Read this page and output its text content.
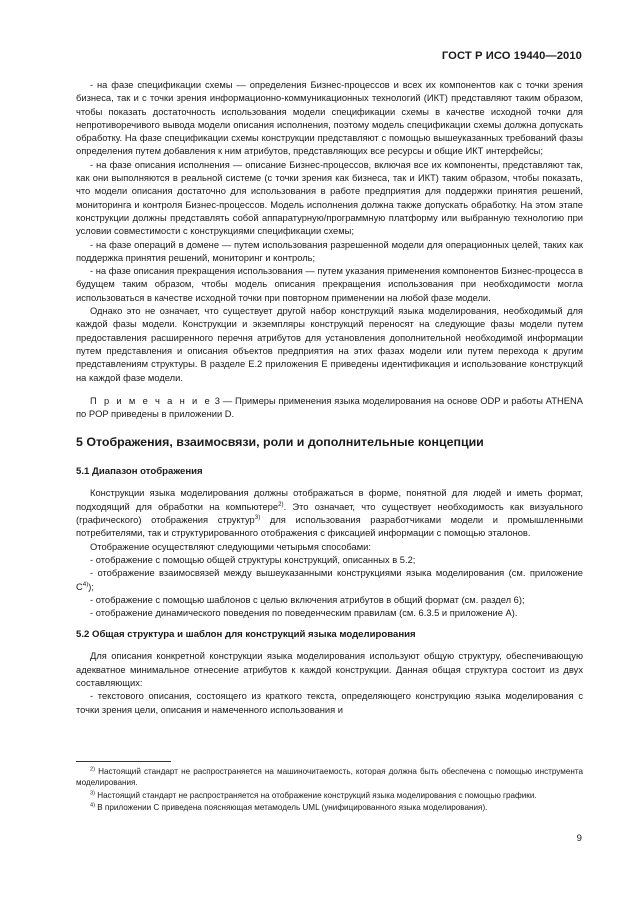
ГОСТ Р ИСО 19440—2010

- на фазе спецификации схемы — определения Бизнес-процессов и всех их компонентов как с точки зрения бизнеса, так и с точки зрения информационно-коммуникационных технологий (ИКТ) представляют таким образом, чтобы показать достаточность использования модели спецификации схемы в качестве исходной точки для непротиворечивого вывода модели описания исполнения, поэтому модель спецификации схемы должна допускать обработку. На фазе спецификации схемы конструкции представляют с помощью вышеуказанных требований фазы определения путем добавления к ним атрибутов, представляющих все ресурсы и общие ИКТ интерфейсы;

- на фазе описания исполнения — описание Бизнес-процессов, включая все их компоненты, представляют так, как они выполняются в реальной системе (с точки зрения как бизнеса, так и ИКТ) таким образом, чтобы показать, что модели описания достаточно для использования в работе предприятия для поддержки принятия решений, мониторинга и контроля Бизнес-процессов. Модель исполнения должна также допускать обработку. На этом этапе конструкции должны представлять собой аппаратурную/программную платформу или выбранную технологию при условии совместимости с конструкциями спецификации схемы;

- на фазе операций в домене — путем использования разрешенной модели для операционных целей, таких как поддержка принятия решений, мониторинг и контроль;

- на фазе описания прекращения использования — путем указания применения компонентов Бизнес-процесса в будущем таким образом, чтобы модель описания прекращения использования при необходимости могла использоваться в качестве исходной точки при повторном применении на любой фазе модели.

Однако это не означает, что существует другой набор конструкций языка моделирования, необходимый для каждой фазы модели. Конструкции и экземпляры конструкций переносят на следующие фазы модели путем предоставления расширенного перечня атрибутов для установления дополнительной необходимой информации путем представления и описания объектов предприятия на этих фазах модели или путем перехода к другим представлениям структуры. В разделе Е.2 приложения Е приведены идентификация и использование конструкций на каждой фазе модели.

П р и м е ч а н и е 3 — Примеры применения языка моделирования на основе ODP и работы ATHENA по POP приведены в приложении D.

5 Отображения, взаимосвязи, роли и дополнительные концепции
5.1 Диапазон отображения

Конструкции языка моделирования должны отображаться в форме, понятной для людей и иметь формат, подходящий для обработки на компьютере$^{2)}$. Это означает, что существует необходимость как визуального (графического) отображения структур$^{3)}$ для использования разработчиками модели и промышленными потребителями, так и структурированного отображения с фиксацией информации с помощью эталонов.

Отображение осуществляют следующими четырьмя способами:

- отображение с помощью общей структуры конструкций, описанных в 5.2;

- отображение взаимосвязей между вышеуказанными конструкциями языка моделирования (см. приложение $С^{4)}$);

- отображение с помощью шаблонов с целью включения атрибутов в общий формат (см. раздел 6);

- отображение динамического поведения по поведенческим правилам (см. 6.3.5 и приложение А).

5.2 Общая структура и шаблон для конструкций языка моделирования

Для описания конкретной конструкции языка моделирования используют общую структуру, обеспечивающую адекватное минимальное отнесение атрибутов к каждой конструкции. Данная общая структура состоит из двух составляющих:

- текстового описания, состоящего из краткого текста, определяющего конструкцию языка моделирования с точки зрения цели, описания и намеченного использования и

$^{2)}$ Настоящий стандарт не распространяется на машиночитаемость, которая должна быть обеспечена с помощью инструмента моделирования.

$^{3)}$ Настоящий стандарт не распространяется на отображение конструкций языка моделирования с помощью графики.

$^{4)}$ В приложении С приведена поясняющая метамодель UML (унифицированного языка моделирования).

9
